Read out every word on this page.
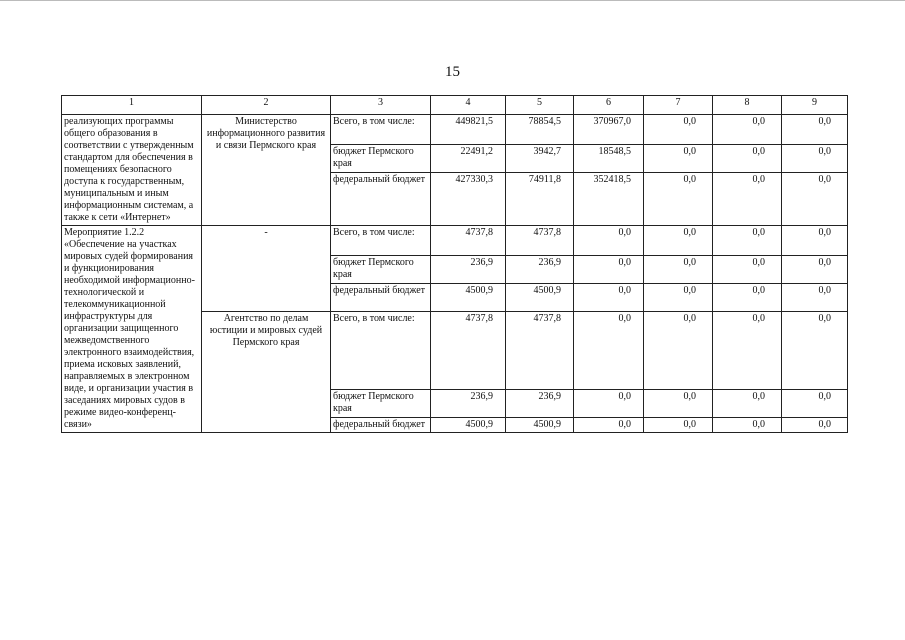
15
1	2	3	4	5	6	7	8	9
реализующих программы общего образования в соответствии с утвержденным стандартом для обеспечения в помещениях безопасного доступа к государственным, муниципальным и иным информационным системам, а также к сети «Интернет»	Министерство информационного развития и связи Пермского края	Всего, в том числе:	449821,5	78854,5	370967,0	0,0	0,0	0,0
		бюджет Пермского края	22491,2	3942,7	18548,5	0,0	0,0	0,0
		федеральный бюджет	427330,3	74911,8	352418,5	0,0	0,0	0,0
Мероприятие 1.2.2 «Обеспечение на участках мировых судей формирования и функционирования необходимой информационно-технологической и телекоммуникационной инфраструктуры для организации защищенного межведомственного электронного взаимодействия, приема исковых заявлений, направляемых в электронном виде, и организации участия в заседаниях мировых судов в режиме видео-конференц-связи»	-	Всего, в том числе:	4737,8	4737,8	0,0	0,0	0,0	0,0
		бюджет Пермского края	236,9	236,9	0,0	0,0	0,0	0,0
		федеральный бюджет	4500,9	4500,9	0,0	0,0	0,0	0,0
	Агентство по делам юстиции и мировых судей Пермского края	Всего, в том числе:	4737,8	4737,8	0,0	0,0	0,0	0,0
		бюджет Пермского края	236,9	236,9	0,0	0,0	0,0	0,0
		федеральный бюджет	4500,9	4500,9	0,0	0,0	0,0	0,0
